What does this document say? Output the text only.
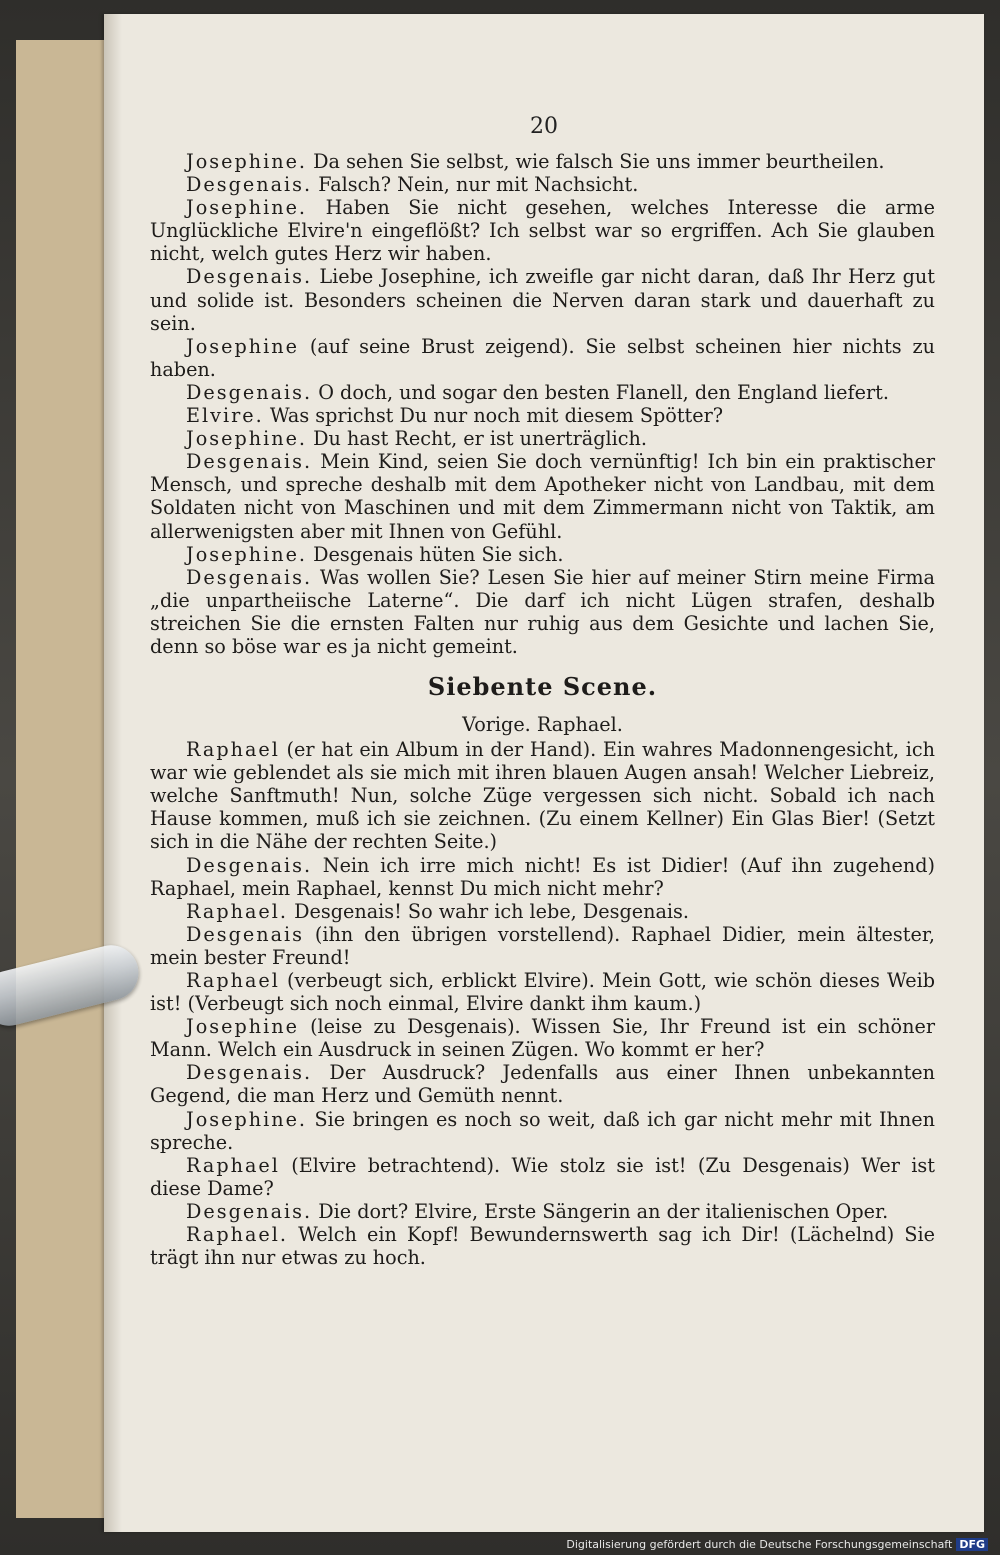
20

Josephine. Da sehen Sie selbst, wie falsch Sie uns immer beurtheilen.

Desgenais. Falsch? Nein, nur mit Nachsicht.

Josephine. Haben Sie nicht gesehen, welches Interesse die arme Unglückliche Elvire'n eingeflößt? Ich selbst war so ergriffen. Ach Sie glauben nicht, welch gutes Herz wir haben.

Desgenais. Liebe Josephine, ich zweifle gar nicht daran, daß Ihr Herz gut und solide ist. Besonders scheinen die Nerven daran stark und dauerhaft zu sein.

Josephine (auf seine Brust zeigend). Sie selbst scheinen hier nichts zu haben.

Desgenais. O doch, und sogar den besten Flanell, den England liefert.

Elvire. Was sprichst Du nur noch mit diesem Spötter?

Josephine. Du hast Recht, er ist unerträglich.

Desgenais. Mein Kind, seien Sie doch vernünftig! Ich bin ein praktischer Mensch, und spreche deshalb mit dem Apotheker nicht von Landbau, mit dem Soldaten nicht von Maschinen und mit dem Zimmermann nicht von Taktik, am allerwenigsten aber mit Ihnen von Gefühl.

Josephine. Desgenais hüten Sie sich.

Desgenais. Was wollen Sie? Lesen Sie hier auf meiner Stirn meine Firma „die unpartheiische Laterne“. Die darf ich nicht Lügen strafen, deshalb streichen Sie die ernsten Falten nur ruhig aus dem Gesichte und lachen Sie, denn so böse war es ja nicht gemeint.

Siebente Scene.

Vorige. Raphael.

Raphael (er hat ein Album in der Hand). Ein wahres Madonnengesicht, ich war wie geblendet als sie mich mit ihren blauen Augen ansah! Welcher Liebreiz, welche Sanftmuth! Nun, solche Züge vergessen sich nicht. Sobald ich nach Hause kommen, muß ich sie zeichnen. (Zu einem Kellner) Ein Glas Bier! (Setzt sich in die Nähe der rechten Seite.)

Desgenais. Nein ich irre mich nicht! Es ist Didier! (Auf ihn zugehend) Raphael, mein Raphael, kennst Du mich nicht mehr?

Raphael. Desgenais! So wahr ich lebe, Desgenais.

Desgenais (ihn den übrigen vorstellend). Raphael Didier, mein ältester, mein bester Freund!

Raphael (verbeugt sich, erblickt Elvire). Mein Gott, wie schön dieses Weib ist! (Verbeugt sich noch einmal, Elvire dankt ihm kaum.)

Josephine (leise zu Desgenais). Wissen Sie, Ihr Freund ist ein schöner Mann. Welch ein Ausdruck in seinen Zügen. Wo kommt er her?

Desgenais. Der Ausdruck? Jedenfalls aus einer Ihnen unbekannten Gegend, die man Herz und Gemüth nennt.

Josephine. Sie bringen es noch so weit, daß ich gar nicht mehr mit Ihnen spreche.

Raphael (Elvire betrachtend). Wie stolz sie ist! (Zu Desgenais) Wer ist diese Dame?

Desgenais. Die dort? Elvire, Erste Sängerin an der italienischen Oper.

Raphael. Welch ein Kopf! Bewundernswerth sag ich Dir! (Lächelnd) Sie trägt ihn nur etwas zu hoch.

Digitalisierung gefördert durch die Deutsche Forschungsgemeinschaft DFG
